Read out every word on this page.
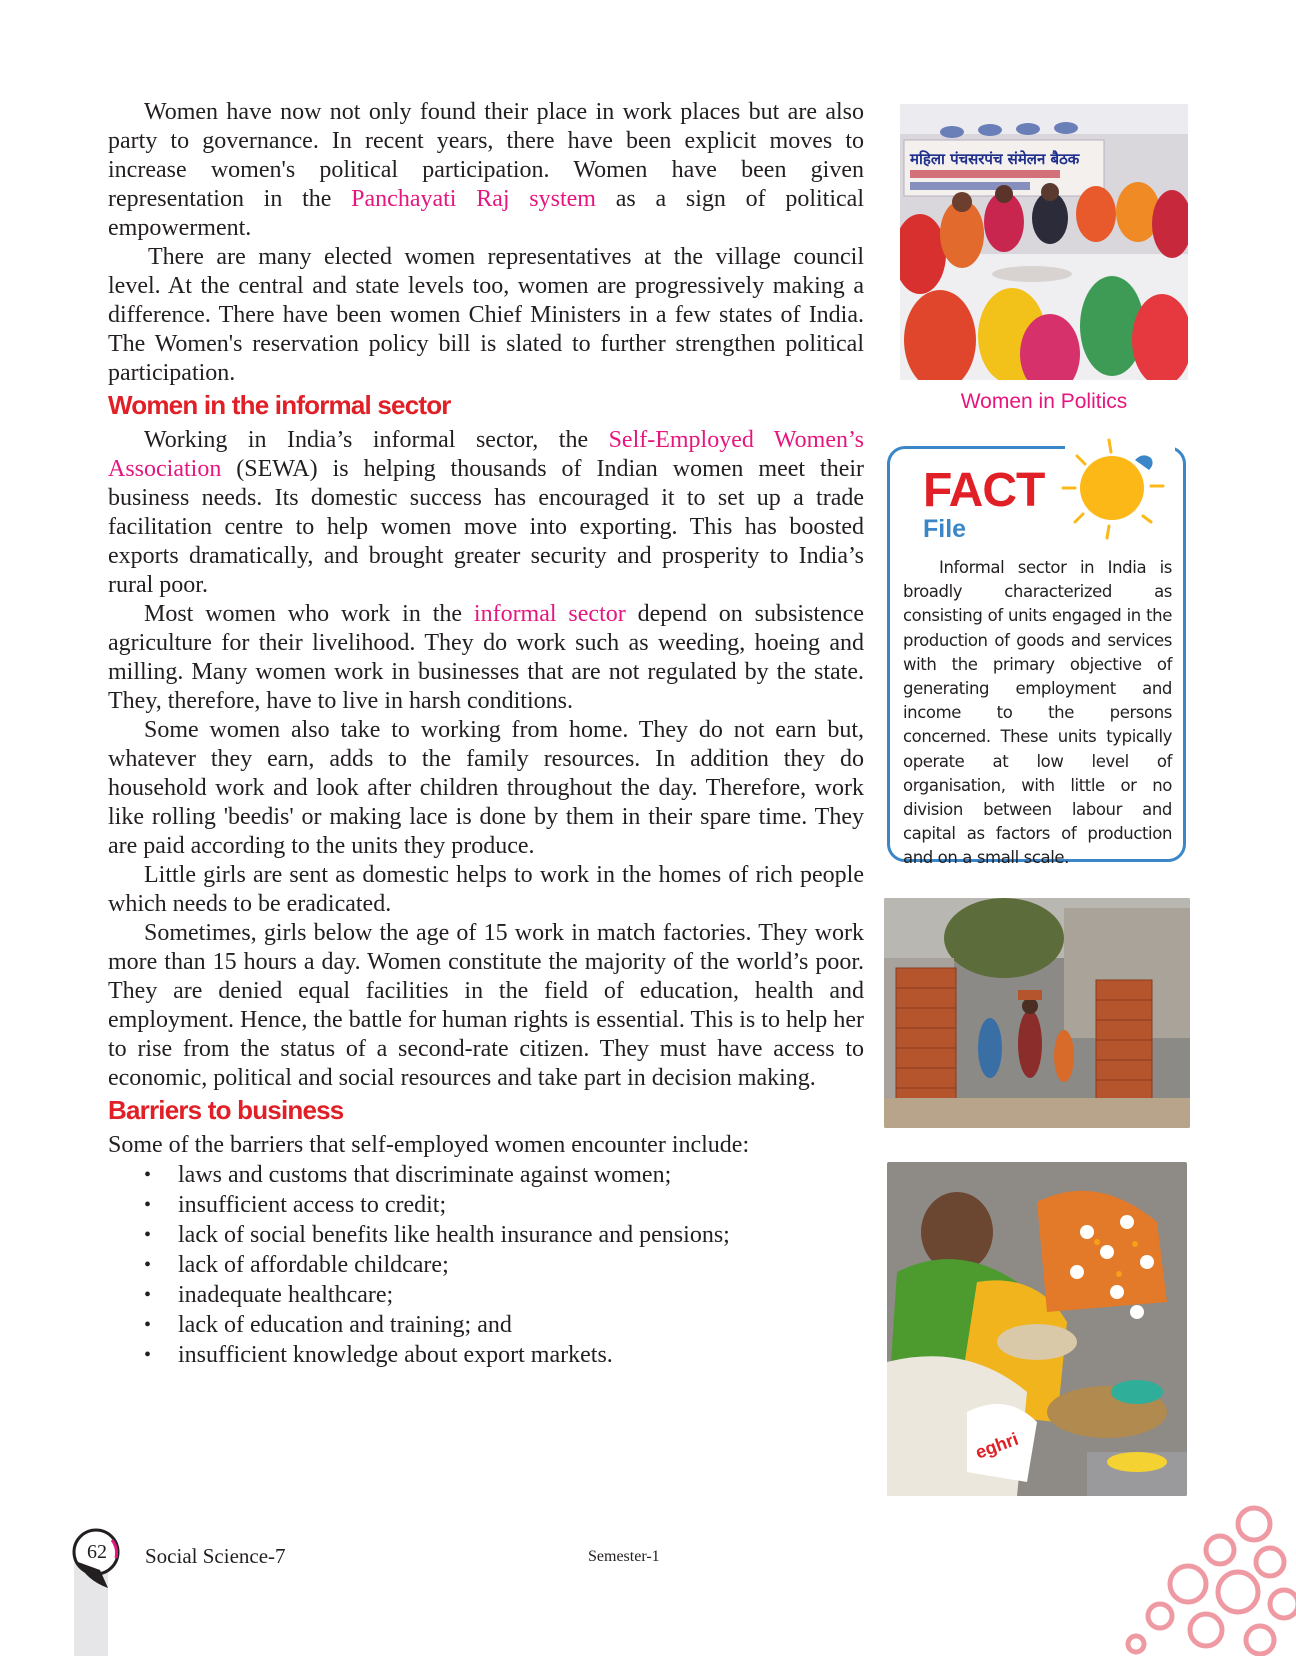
Women have now not only found their place in work places but are also party to governance. In recent years, there have been explicit moves to increase women's political participation. Women have been given representation in the Panchayati Raj system as a sign of political empowerment.

There are many elected women representatives at the village council level. At the central and state levels too, women are progressively making a difference. There have been women Chief Ministers in a few states of India. The Women's reservation policy bill is slated to further strengthen political participation.

Women in the informal sector

Working in India’s informal sector, the Self-Employed Women’s Association (SEWA) is helping thousands of Indian women meet their business needs. Its domestic success has encouraged it to set up a trade facilitation centre to help women move into exporting. This has boosted exports dramatically, and brought greater security and prosperity to India’s rural poor.

Most women who work in the informal sector depend on subsistence agriculture for their livelihood. They do work such as weeding, hoeing and milling. Many women work in businesses that are not regulated by the state. They, therefore, have to live in harsh conditions.

Some women also take to working from home. They do not earn but, whatever they earn, adds to the family resources. In addition they do household work and look after children throughout the day. Therefore, work like rolling 'beedis' or making lace is done by them in their spare time. They are paid according to the units they produce.

Little girls are sent as domestic helps to work in the homes of rich people which needs to be eradicated.

Sometimes, girls below the age of 15 work in match factories. They work more than 15 hours a day. Women constitute the majority of the world’s poor. They are denied equal facilities in the field of education, health and employment. Hence, the battle for human rights is essential. This is to help her to rise from the status of a second-rate citizen. They must have access to economic, political and social resources and take part in decision making.

Barriers to business

Some of the barriers that self-employed women encounter include:

• laws and customs that discriminate against women;
• insufficient access to credit;
• lack of social benefits like health insurance and pensions;
• lack of affordable childcare;
• inadequate healthcare;
• lack of education and training; and
• insufficient knowledge about export markets.
महिला पंचसरपंच संमेलन बैठक
Women in Politics
FACT
File

Informal sector in India is broadly characterized as consisting of units engaged in the production of goods and services with the primary objective of generating employment and income to the persons concerned. These units typically operate at low level of organisation, with little or no division between labour and capital as factors of production and on a small scale.

eghri
62	Social Science-7	Semester-1
